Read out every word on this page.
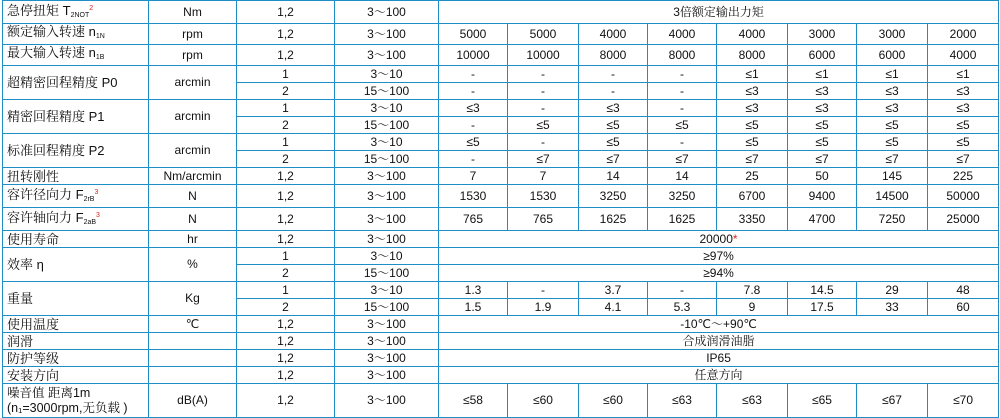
急停扭矩 $T_{2NOT}^2$	Nm	1,2	3～100	3倍额定输出力矩							
额定输入转速 $n_{1N}$	rpm	1,2	3～100	5000	5000	4000	4000	4000	3000	3000	2000
最大输入转速 $n_{1B}$	rpm	1,2	3～100	10000	10000	8000	8000	8000	6000	6000	4000
超精密回程精度 P0	arcmin	1	3～10	-	-	-	-	≤1	≤1	≤1	≤1
		2	15～100	-	-	-	-	≤3	≤3	≤3	≤3
精密回程精度 P1	arcmin	1	3～10	≤3	-	≤3	-	≤3	≤3	≤3	≤3
		2	15～100	-	≤5	≤5	≤5	≤5	≤5	≤5	≤5
标准回程精度 P2	arcmin	1	3～10	≤5	-	≤5	-	≤5	≤5	≤5	≤5
		2	15～100	-	≤7	≤7	≤7	≤7	≤7	≤7	≤7
扭转刚性	Nm/arcmin	1,2	3～100	7	7	14	14	25	50	145	225
容许径向力 $F_{2rB}^3$	N	1,2	3～100	1530	1530	3250	3250	6700	9400	14500	50000
容许轴向力 $F_{2aB}^3$	N	1,2	3～100	765	765	1625	1625	3350	4700	7250	25000
使用寿命	hr	1,2	3～100	20000*							
效率 η	%	1	3～10	≥97%							
		2	15～100	≥94%							
重量	Kg	1	3～10	1.3	-	3.7	-	7.8	14.5	29	48
		2	15～100	1.5	1.9	4.1	5.3	9	17.5	33	60
使用温度	℃	1,2	3～100	-10℃～+90℃							
润滑		1,2	3～100	合成润滑油脂							
防护等级		1,2	3～100	IP65							
安装方向		1,2	3～100	任意方向							
噪音值 距离1m
(n₁=3000rpm,无负载 )	dB(A)	1,2	3～100	≤58	≤60	≤60	≤63	≤63	≤65	≤67	≤70
